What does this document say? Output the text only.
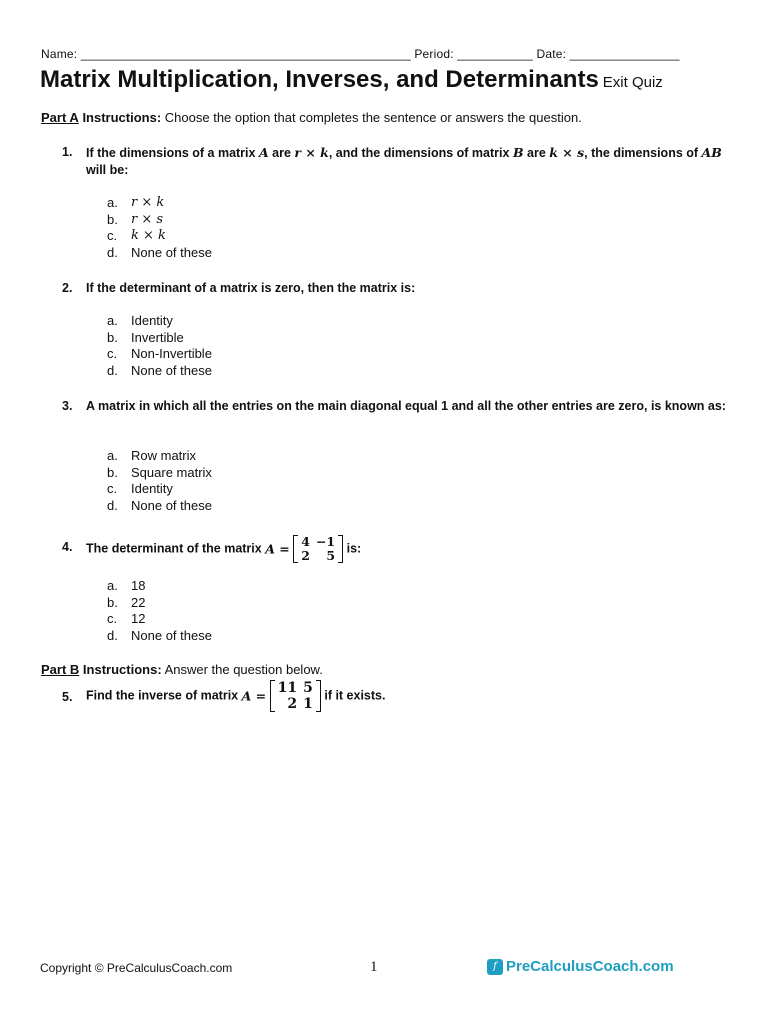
Name: ________________________________________________ Period: ___________ Date: ________________
Matrix Multiplication, Inverses, and Determinants Exit Quiz
Part A Instructions: Choose the option that completes the sentence or answers the question.
1. If the dimensions of a matrix A are r × k, and the dimensions of matrix B are k × s, the dimensions of AB will be:
a.	r × k
b.	r × s
c.	k × k
d.	None of these
2. If the determinant of a matrix is zero, then the matrix is:
a.	Identity
b.	Invertible
c.	Non-Invertible
d.	None of these
3. A matrix in which all the entries on the main diagonal equal 1 and all the other entries are zero, is known as:
a.	Row matrix
b.	Square matrix
c.	Identity
d.	None of these
4. The determinant of the matrix A = 4	−1
2	5 is:
a.	18
b.	22
c.	12
d.	None of these
Part B Instructions: Answer the question below.
5. Find the inverse of matrix A = 11	5
2	1
if it exists.
Copyright © PreCalculusCoach.com	1	f PreCalculusCoach.com
